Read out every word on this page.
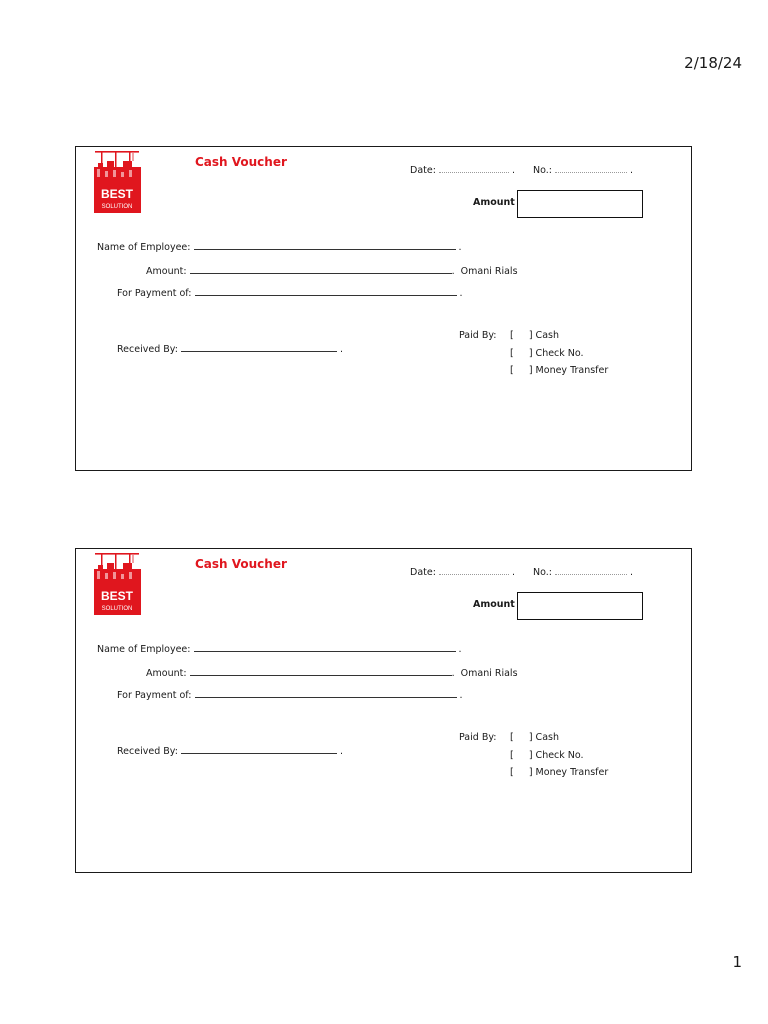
2/18/24
BEST
SOLUTION
Cash Voucher
Date:	. No.:	.
Amount
Name of Employee:	.
Amount:	.  Omani Rials
For Payment of:	.
Received By:	.
Paid By: [ ] Cash
[ ] Check No.
[ ] Money Transfer
BEST
SOLUTION
Cash Voucher
Date:	. No.:	.
Amount
Name of Employee:	.
Amount:	.  Omani Rials
For Payment of:	.
Received By:	.
Paid By: [ ] Cash
[ ] Check No.
[ ] Money Transfer
1
